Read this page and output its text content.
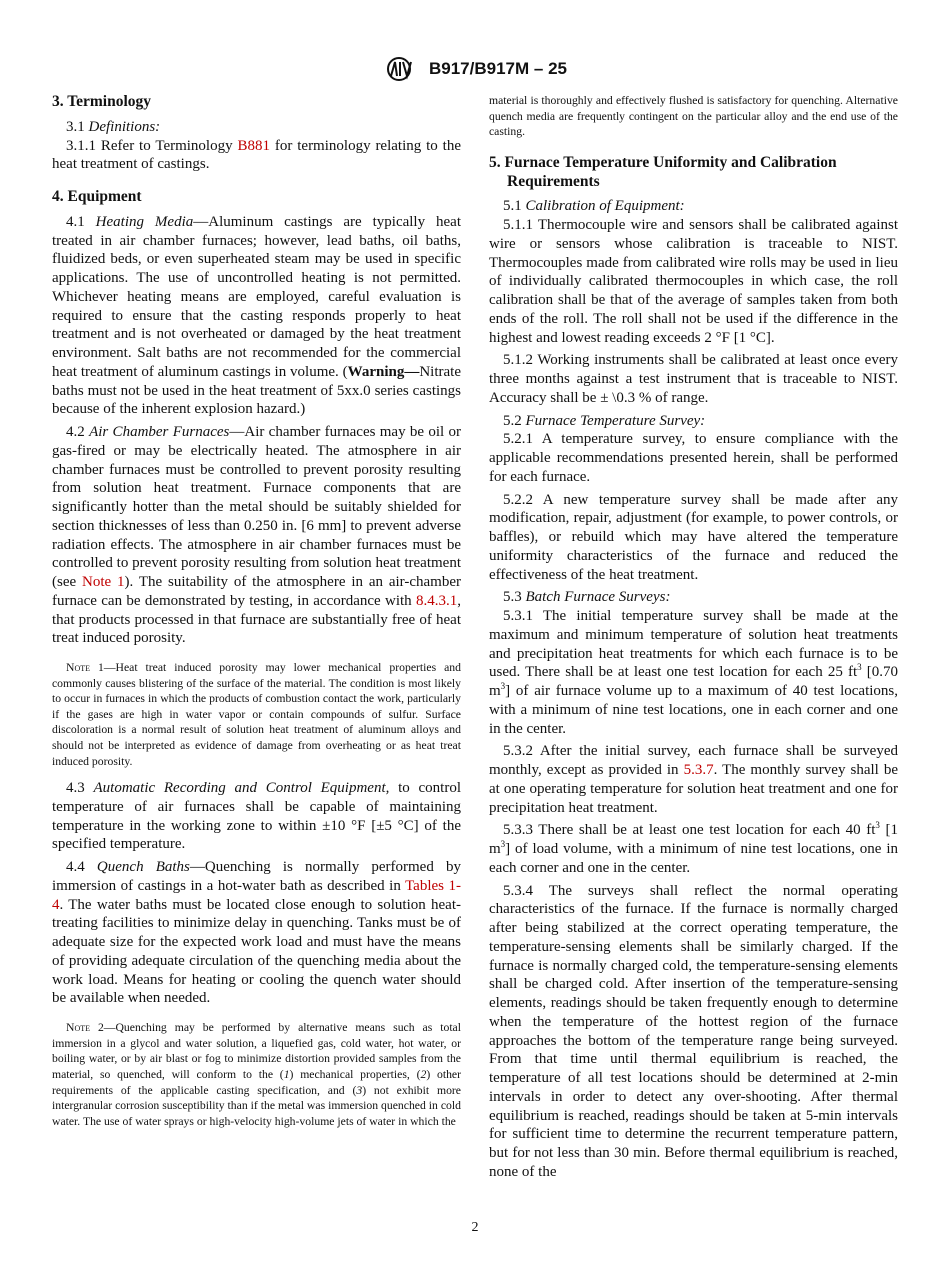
B917/B917M – 25
3. Terminology
3.1 Definitions:
3.1.1 Refer to Terminology B881 for terminology relating to the heat treatment of castings.
4. Equipment
4.1 Heating Media—Aluminum castings are typically heat treated in air chamber furnaces; however, lead baths, oil baths, fluidized beds, or even superheated steam may be used in specific applications. The use of uncontrolled heating is not permitted. Whichever heating means are employed, careful evaluation is required to ensure that the casting responds properly to heat treatment and is not overheated or damaged by the heat treatment environment. Salt baths are not recommended for the commercial heat treatment of aluminum castings in volume. (Warning—Nitrate baths must not be used in the heat treatment of 5xx.0 series castings because of the inherent explosion hazard.)
4.2 Air Chamber Furnaces—Air chamber furnaces may be oil or gas-fired or may be electrically heated. The atmosphere in air chamber furnaces must be controlled to prevent porosity resulting from solution heat treatment. Furnace components that are significantly hotter than the metal should be suitably shielded for section thicknesses of less than 0.250 in. [6 mm] to prevent adverse radiation effects. The atmosphere in air chamber furnaces must be controlled to prevent porosity resulting from solution heat treatment (see Note 1). The suitability of the atmosphere in an air-chamber furnace can be demonstrated by testing, in accordance with 8.4.3.1, that products processed in that furnace are substantially free of heat treat induced porosity.
Note 1—Heat treat induced porosity may lower mechanical properties and commonly causes blistering of the surface of the material. The condition is most likely to occur in furnaces in which the products of combustion contact the work, particularly if the gases are high in water vapor or contain compounds of sulfur. Surface discoloration is a normal result of solution heat treatment of aluminum alloys and should not be interpreted as evidence of damage from overheating or as heat treat induced porosity.
4.3 Automatic Recording and Control Equipment, to control temperature of air furnaces shall be capable of maintaining temperature in the working zone to within ±10 °F [±5 °C] of the specified temperature.
4.4 Quench Baths—Quenching is normally performed by immersion of castings in a hot-water bath as described in Tables 1-4. The water baths must be located close enough to solution heat-treating facilities to minimize delay in quenching. Tanks must be of adequate size for the expected work load and must have the means of providing adequate circulation of the quenching media about the work load. Means for heating or cooling the quench water should be available when needed.
Note 2—Quenching may be performed by alternative means such as total immersion in a glycol and water solution, a liquefied gas, cold water, hot water, or boiling water, or by air blast or fog to minimize distortion provided samples from the material, so quenched, will conform to the (1) mechanical properties, (2) other requirements of the applicable casting specification, and (3) not exhibit more intergranular corrosion susceptibility than if the metal was immersion quenched in cold water. The use of water sprays or high-velocity high-volume jets of water in which the
material is thoroughly and effectively flushed is satisfactory for quenching. Alternative quench media are frequently contingent on the particular alloy and the end use of the casting.
5. Furnace Temperature Uniformity and Calibration Requirements
5.1 Calibration of Equipment:
5.1.1 Thermocouple wire and sensors shall be calibrated against wire or sensors whose calibration is traceable to NIST. Thermocouples made from calibrated wire rolls may be used in lieu of individually calibrated thermocouples in which case, the roll calibration shall be that of the average of samples taken from both ends of the roll. The roll shall not be used if the difference in the highest and lowest reading exceeds 2 °F [1 °C].
5.1.2 Working instruments shall be calibrated at least once every three months against a test instrument that is traceable to NIST. Accuracy shall be ± \0.3 % of range.
5.2 Furnace Temperature Survey:
5.2.1 A temperature survey, to ensure compliance with the applicable recommendations presented herein, shall be performed for each furnace.
5.2.2 A new temperature survey shall be made after any modification, repair, adjustment (for example, to power controls, or baffles), or rebuild which may have altered the temperature uniformity characteristics of the furnace and reduced the effectiveness of the heat treatment.
5.3 Batch Furnace Surveys:
5.3.1 The initial temperature survey shall be made at the maximum and minimum temperature of solution heat treatments and precipitation heat treatments for which each furnace is to be used. There shall be at least one test location for each 25 $ft^3$ [0.70 $m^3$] of air furnace volume up to a maximum of 40 test locations, with a minimum of nine test locations, one in each corner and one in the center.
5.3.2 After the initial survey, each furnace shall be surveyed monthly, except as provided in 5.3.7. The monthly survey shall be at one operating temperature for solution heat treatment and one for precipitation heat treatment.
5.3.3 There shall be at least one test location for each 40 $ft^3$ [1 $m^3$] of load volume, with a minimum of nine test locations, one in each corner and one in the center.
5.3.4 The surveys shall reflect the normal operating characteristics of the furnace. If the furnace is normally charged after being stabilized at the correct operating temperature, the temperature-sensing elements shall be similarly charged. If the furnace is normally charged cold, the temperature-sensing elements shall be charged cold. After insertion of the temperature-sensing elements, readings should be taken frequently enough to determine when the temperature of the hottest region of the furnace approaches the bottom of the temperature range being surveyed. From that time until thermal equilibrium is reached, the temperature of all test locations should be determined at 2-min intervals in order to detect any over-shooting. After thermal equilibrium is reached, readings should be taken at 5-min intervals for sufficient time to determine the recurrent temperature pattern, but for not less than 30 min. Before thermal equilibrium is reached, none of the
2
